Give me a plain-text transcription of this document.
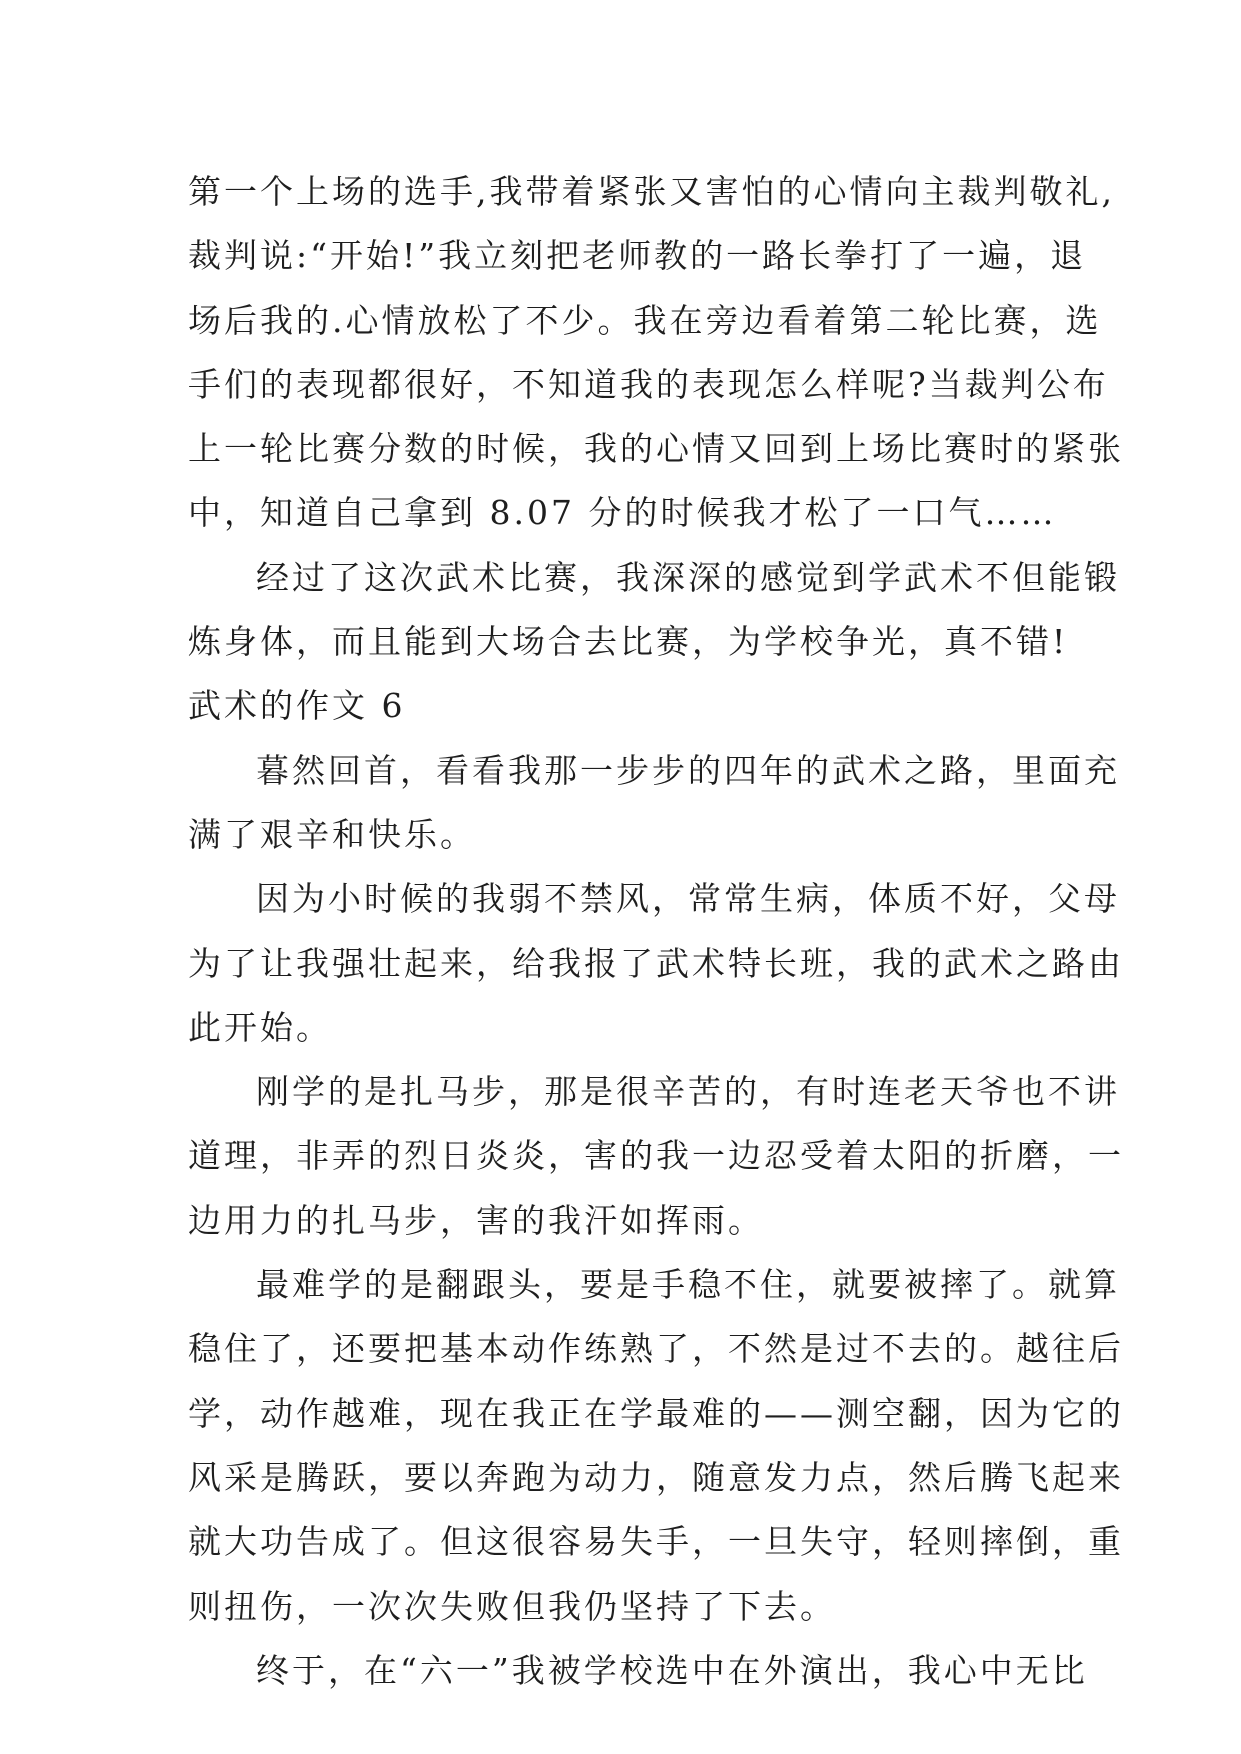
第一个上场的选手,我带着紧张又害怕的心情向主裁判敬礼,
裁判说:“开始!”我立刻把老师教的一路长拳打了一遍，退
场后我的.心情放松了不少。我在旁边看着第二轮比赛，选
手们的表现都很好，不知道我的表现怎么样呢?当裁判公布
上一轮比赛分数的时候，我的心情又回到上场比赛时的紧张
中，知道自己拿到 8.07 分的时候我才松了一口气……
经过了这次武术比赛，我深深的感觉到学武术不但能锻
炼身体，而且能到大场合去比赛，为学校争光，真不错!
武术的作文 6
暮然回首，看看我那一步步的四年的武术之路，里面充
满了艰辛和快乐。
因为小时候的我弱不禁风，常常生病，体质不好，父母
为了让我强壮起来，给我报了武术特长班，我的武术之路由
此开始。
刚学的是扎马步，那是很辛苦的，有时连老天爷也不讲
道理，非弄的烈日炎炎，害的我一边忍受着太阳的折磨，一
边用力的扎马步，害的我汗如挥雨。
最难学的是翻跟头，要是手稳不住，就要被摔了。就算
稳住了，还要把基本动作练熟了，不然是过不去的。越往后
学，动作越难，现在我正在学最难的——测空翻，因为它的
风采是腾跃，要以奔跑为动力，随意发力点，然后腾飞起来
就大功告成了。但这很容易失手，一旦失守，轻则摔倒，重
则扭伤，一次次失败但我仍坚持了下去。
终于，在“六一”我被学校选中在外演出，我心中无比
